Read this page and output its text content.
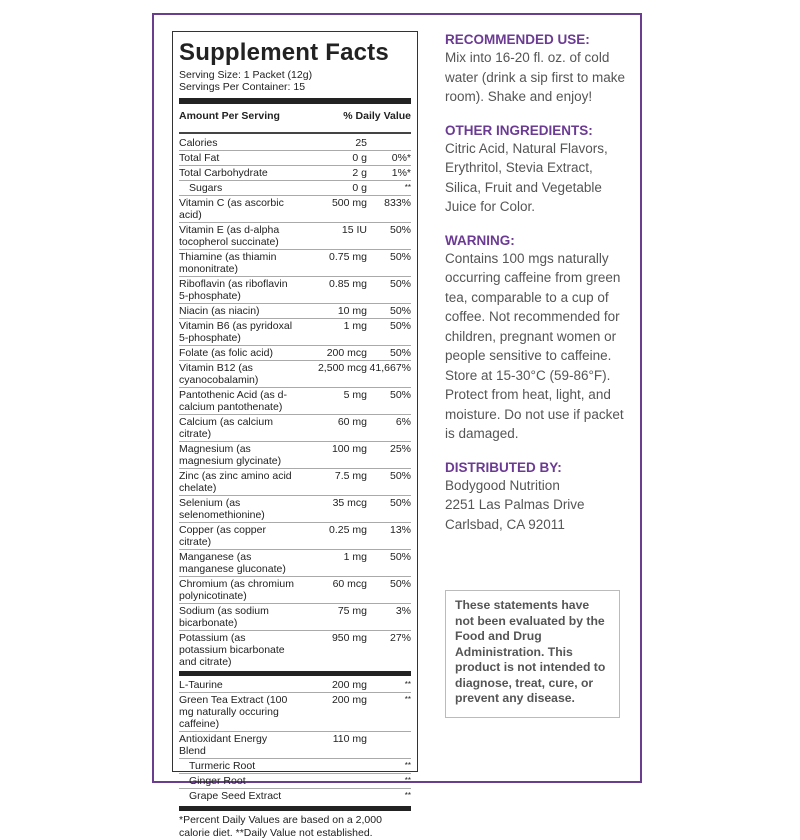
Supplement Facts
Serving Size: 1 Packet (12g)
Servings Per Container: 15
Amount Per Serving	% Daily Value
Calories	25
Total Fat	0 g	0%*
Total Carbohydrate	2 g	1%*
Sugars	0 g	**
Vitamin C (as ascorbic acid)
500 mg	833%
Vitamin E (as d-alpha tocopherol succinate)
15 IU	50%
Thiamine (as thiamin mononitrate)
0.75 mg	50%
Riboflavin (as riboflavin 5-phosphate)
0.85 mg	50%
Niacin (as niacin)	10 mg	50%
Vitamin B6 (as pyridoxal 5-phosphate)
1 mg	50%
Folate (as folic acid)	200 mcg	50%
Vitamin B12 (as cyanocobalamin)
2,500 mcg 41,667%
Pantothenic Acid (as d-calcium pantothenate)
5 mg	50%
Calcium (as calcium citrate)
60 mg	6%
Magnesium (as magnesium glycinate)
100 mg	25%
Zinc (as zinc amino acid chelate)
7.5 mg	50%
Selenium (as selenomethionine)
35 mcg	50%
Copper (as copper citrate)
0.25 mg	13%
Manganese (as manganese gluconate)
1 mg	50%
Chromium (as chromium polynicotinate)
60 mcg	50%
Sodium (as sodium bicarbonate)
75 mg	3%
Potassium (as potassium bicarbonate and citrate)
950 mg	27%
L-Taurine	200 mg	**
Green Tea Extract (100 mg naturally occuring caffeine)
200 mg	**
Antioxidant Energy Blend
110 mg
Turmeric Root	**
Ginger Root	**
Grape Seed Extract	**
*Percent Daily Values are based on a 2,000 calorie diet. **Daily Value not established.
RECOMMENDED USE:
Mix into 16-20 fl. oz. of cold water (drink a sip first to make room). Shake and enjoy!
OTHER INGREDIENTS:
Citric Acid, Natural Flavors, Erythritol, Stevia Extract, Silica, Fruit and Vegetable Juice for Color.
WARNING:
Contains 100 mgs naturally occurring caffeine from green tea, comparable to a cup of coffee. Not recommended for children, pregnant women or people sensitive to caffeine. Store at 15-30°C (59-86°F). Protect from heat, light, and moisture. Do not use if packet is damaged.
DISTRIBUTED BY:
Bodygood Nutrition
2251 Las Palmas Drive
Carlsbad, CA 92011
These statements have not been evaluated by the Food and Drug Administration. This product is not intended to diagnose, treat, cure, or prevent any disease.
